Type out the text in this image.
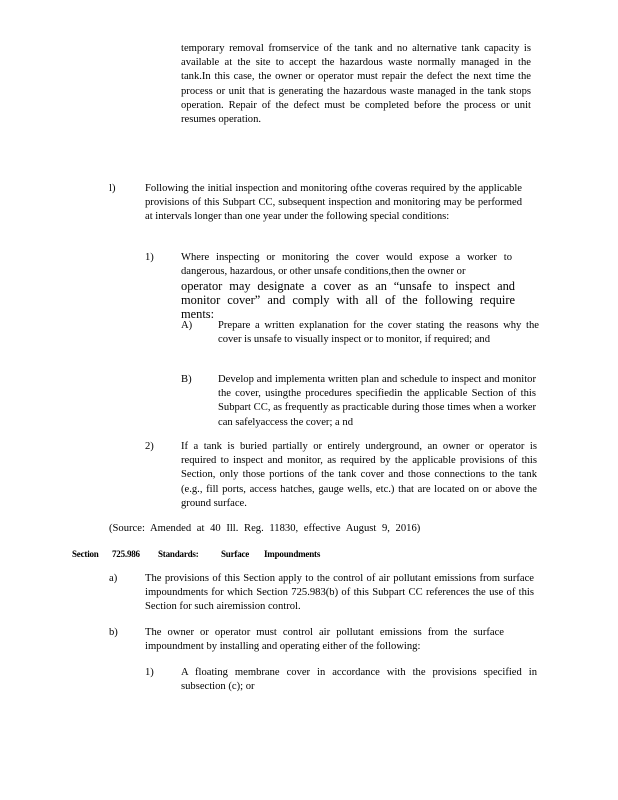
temporary removal fromservice of the tank and no alternative tank capacity is available at the site to accept the hazardous waste normally managed in the tank.In this case, the owner or operator must repair the defect the next time the process or unit that is generating the hazardous waste managed in the tank stops operation. Repair of the defect must be completed before the process or unit resumes operation.
l)	Following the initial inspection and monitoring ofthe coveras required by the applicable provisions of this Subpart CC, subsequent inspection and monitoring may be performed at intervals longer than one year under the following special conditions:
1)	Where inspecting or monitoring the cover would expose a worker to dangerous, hazardous, or other unsafe conditions,then the owner or
operator may designate a cover as an “unsafe to inspect and monitor cover” and comply with all of the following require ments:
A) Prepare a written explanation for the cover stating the reasons why the cover is unsafe to visually inspect or to monitor, if required; and
B) Develop and implementa written plan and schedule to inspect and monitor the cover, usingthe procedures specifiedin the applicable Section of this Subpart CC, as frequently as practicable during those times when a worker can safelyaccess the cover; a nd
2)	If a tank is buried partially or entirely underground, an owner or operator is required to inspect and monitor, as required by the applicable provisions of this Section, only those portions of the tank cover and those connections to the tank (e.g., fill ports, access hatches, gauge wells, etc.) that are located on or above the ground surface.
(Source: Amended at 40 Ill. Reg. 11830, effective August 9, 2016)
Section 725.986 Standards: Surface Impoundments
a)	The provisions of this Section apply to the control of air pollutant emissions from surface impoundments for which Section 725.983(b) of this Subpart CC references the use of this Section for such airemission control.
b)	The owner or operator must control air pollutant emissions from the surface impoundment by installing and operating either of the following:
1)	A floating membrane cover in accordance with the provisions specified in subsection (c); or
